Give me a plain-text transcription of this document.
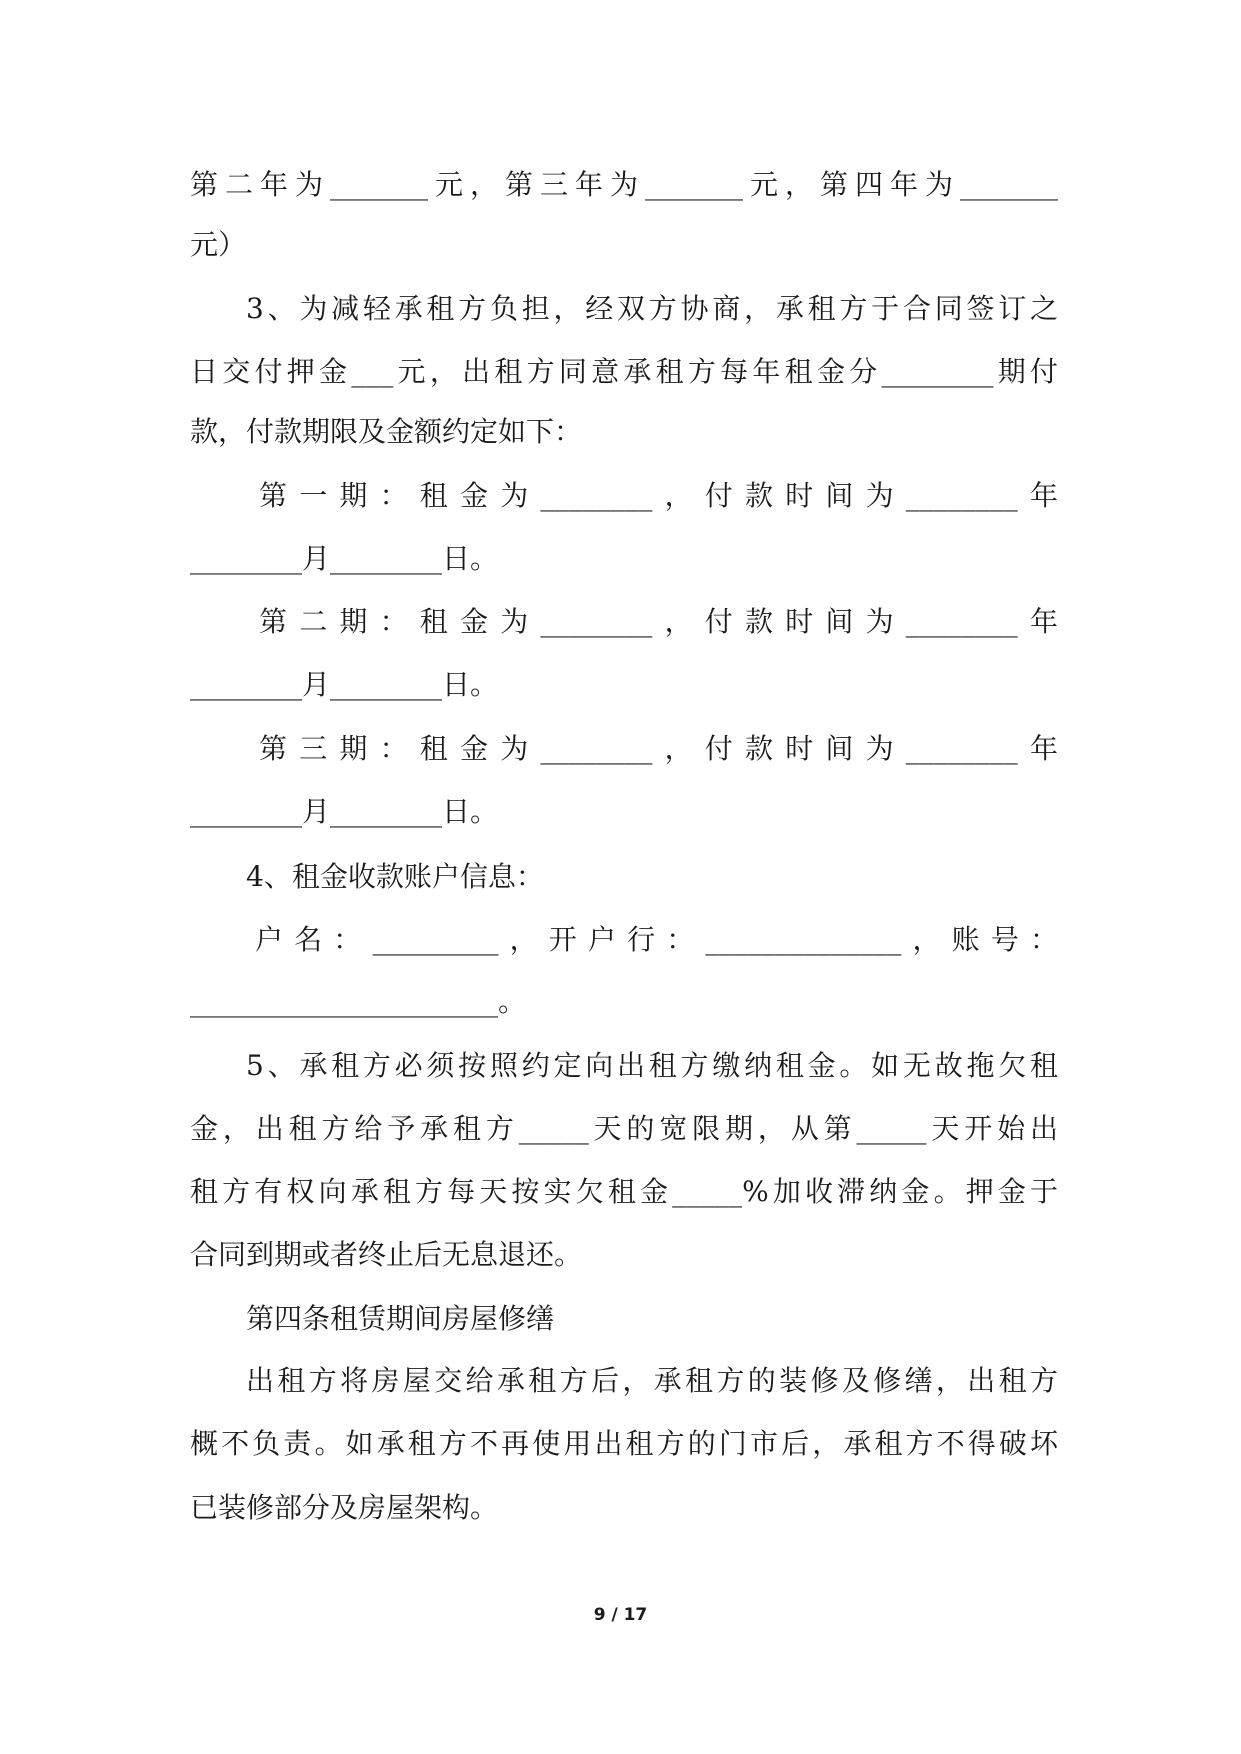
第二年为_______元，第三年为_______元，第四年为_______
元）
3、为减轻承租方负担，经双方协商，承租方于合同签订之
日交付押金___元，出租方同意承租方每年租金分________期付
款，付款期限及金额约定如下：
第一期：租金为________，付款时间为________年
________月________日。
第二期：租金为________，付款时间为________年
________月________日。
第三期：租金为________，付款时间为________年
________月________日。
4、租金收款账户信息：
户名：_________，开户行：______________，账号：
______________________。
5、承租方必须按照约定向出租方缴纳租金。如无故拖欠租
金，出租方给予承租方_____天的宽限期，从第_____天开始出
租方有权向承租方每天按实欠租金_____%加收滞纳金。押金于
合同到期或者终止后无息退还。
第四条租赁期间房屋修缮
出租方将房屋交给承租方后，承租方的装修及修缮，出租方
概不负责。如承租方不再使用出租方的门市后，承租方不得破坏
已装修部分及房屋架构。
9 / 17
